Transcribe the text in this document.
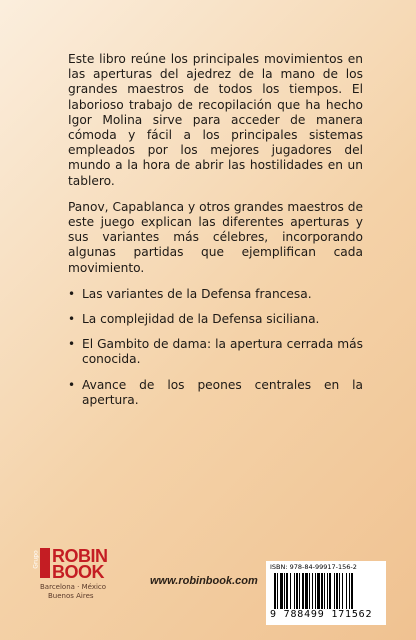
Este libro reúne los principales movimientos en las aperturas del ajedrez de la mano de los grandes maestros de todos los tiempos. El laborioso trabajo de recopilación que ha hecho Igor Molina sirve para acceder de manera cómoda y fácil a los principales sistemas empleados por los mejores jugadores del mundo a la hora de abrir las hostilidades en un tablero.

Panov, Capablanca y otros grandes maestros de este juego explican las diferentes aperturas y sus variantes más célebres, incorporando algunas partidas que ejemplifican cada movimiento.

• Las variantes de la Defensa francesa.
• La complejidad de la Defensa siciliana.
• El Gambito de dama: la apertura cerrada más conocida.
• Avance de los peones centrales en la apertura.
Grupo ROBIN
BOOK
Barcelona · México
Buenos Aires
www.robinbook.com
ISBN: 978-84-99917-156-2
9 788499 171562
